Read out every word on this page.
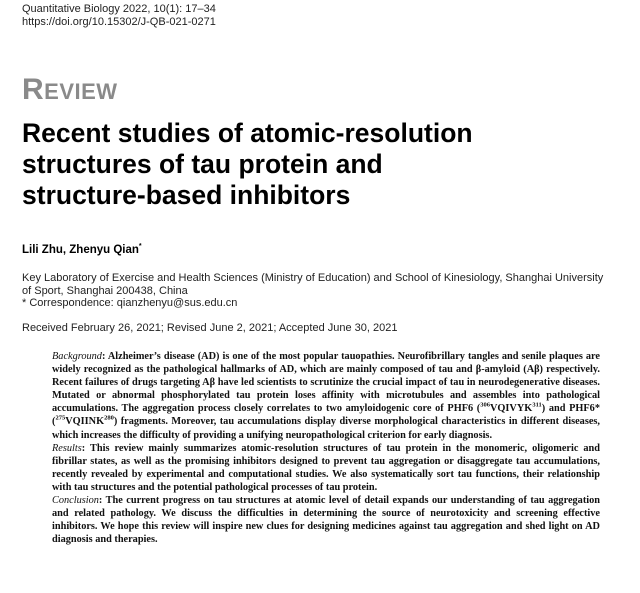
Quantitative Biology 2022, 10(1): 17–34
https://doi.org/10.15302/J-QB-021-0271
REVIEW
Recent studies of atomic-resolution
structures of tau protein and
structure-based inhibitors
Lili Zhu, Zhenyu Qian*
Key Laboratory of Exercise and Health Sciences (Ministry of Education) and School of Kinesiology, Shanghai University
of Sport, Shanghai 200438, China
* Correspondence: qianzhenyu@sus.edu.cn
Received February 26, 2021; Revised June 2, 2021; Accepted June 30, 2021

Background: Alzheimer’s disease (AD) is one of the most popular tauopathies. Neurofibrillary tangles and senile plaques are widely recognized as the pathological hallmarks of AD, which are mainly composed of tau and β-amyloid (Aβ) respectively. Recent failures of drugs targeting Aβ have led scientists to scrutinize the crucial impact of tau in neurodegenerative diseases. Mutated or abnormal phosphorylated tau protein loses affinity with microtubules and assembles into pathological accumulations. The aggregation process closely correlates to two amyloidogenic core of PHF6 ($^{306}$VQIVYK$^{311}$) and PHF6* ($^{275}$VQIINK$^{280}$) fragments. Moreover, tau accumulations display diverse morphological characteristics in different diseases, which increases the difficulty of providing a unifying neuropathological criterion for early diagnosis.

Results: This review mainly summarizes atomic-resolution structures of tau protein in the monomeric, oligomeric and fibrillar states, as well as the promising inhibitors designed to prevent tau aggregation or disaggregate tau accumulations, recently revealed by experimental and computational studies. We also systematically sort tau functions, their relationship with tau structures and the potential pathological processes of tau protein.

Conclusion: The current progress on tau structures at atomic level of detail expands our understanding of tau aggregation and related pathology. We discuss the difficulties in determining the source of neurotoxicity and screening effective inhibitors. We hope this review will inspire new clues for designing medicines against tau aggregation and shed light on AD diagnosis and therapies.
